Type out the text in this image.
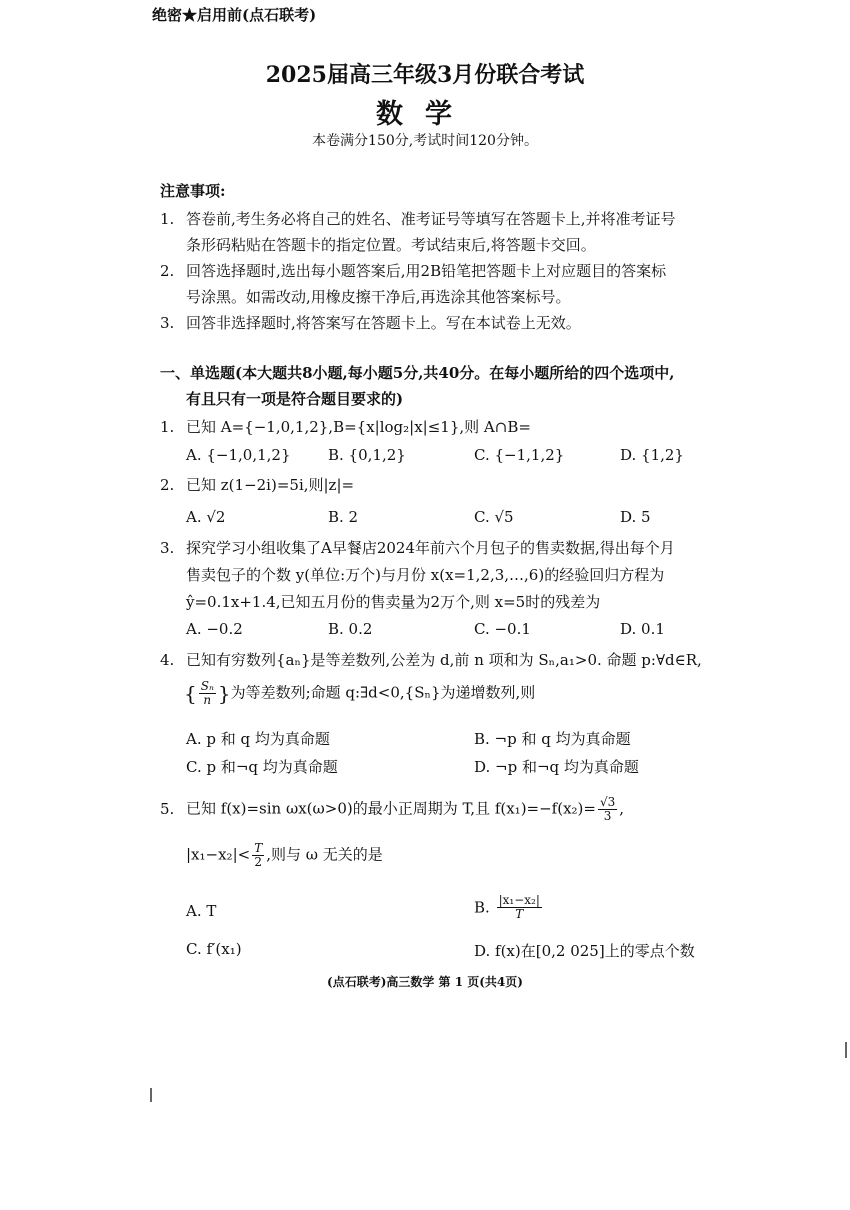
绝密★启用前(点石联考)
2025届高三年级3月份联合考试
数学
本卷满分150分,考试时间120分钟。
注意事项:
1. 答卷前,考生务必将自己的姓名、准考证号等填写在答题卡上,并将准考证号
条形码粘贴在答题卡的指定位置。考试结束后,将答题卡交回。
2. 回答选择题时,选出每小题答案后,用2B铅笔把答题卡上对应题目的答案标
号涂黑。如需改动,用橡皮擦干净后,再选涂其他答案标号。
3. 回答非选择题时,将答案写在答题卡上。写在本试卷上无效。
一、单选题(本大题共8小题,每小题5分,共40分。在每小题所给的四个选项中,
有且只有一项是符合题目要求的)
1. 已知 A={−1,0,1,2},B={x|log₂|x|≤1},则 A∩B=
A. {−1,0,1,2} B. {0,1,2}	C. {−1,1,2}	D. {1,2}
2. 已知 z(1−2i)=5i,则|z|=
A. √2	B. 2	C. √5	D. 5
3. 探究学习小组收集了A早餐店2024年前六个月包子的售卖数据,得出每个月
售卖包子的个数 y(单位:万个)与月份 x(x=1,2,3,…,6)的经验回归方程为
ŷ=0.1x+1.4,已知五月份的售卖量为2万个,则 x=5时的残差为
A. −0.2	B. 0.2	C. −0.1	D. 0.1
4. 已知有穷数列{aₙ}是等差数列,公差为 d,前 n 项和为 Sₙ,a₁>0. 命题 p:∀d∈R,
{ $\frac{\text{Sₙ}}{n}$ }为等差数列;命题 q:∃d<0,{Sₙ}为递增数列,则
A. p 和 q 均为真命题	B. ¬p 和 q 均为真命题
C. p 和¬q 均为真命题	D. ¬p 和¬q 均为真命题
5. 已知 f(x)=sin ωx(ω>0)的最小正周期为 T,且 $f(x_1)=-f(x_2)= \frac{√3}{3}$ ,
$|x_1-x_2|< \frac{T}{2}$ ,则与 ω 无关的是
A. T	B. $\frac{\text{|x₁−x₂|}}{T}$
C. f′(x₁)	D. f(x)在[0,2 025]上的零点个数
(点石联考)高三数学 第 1 页(共4页)
